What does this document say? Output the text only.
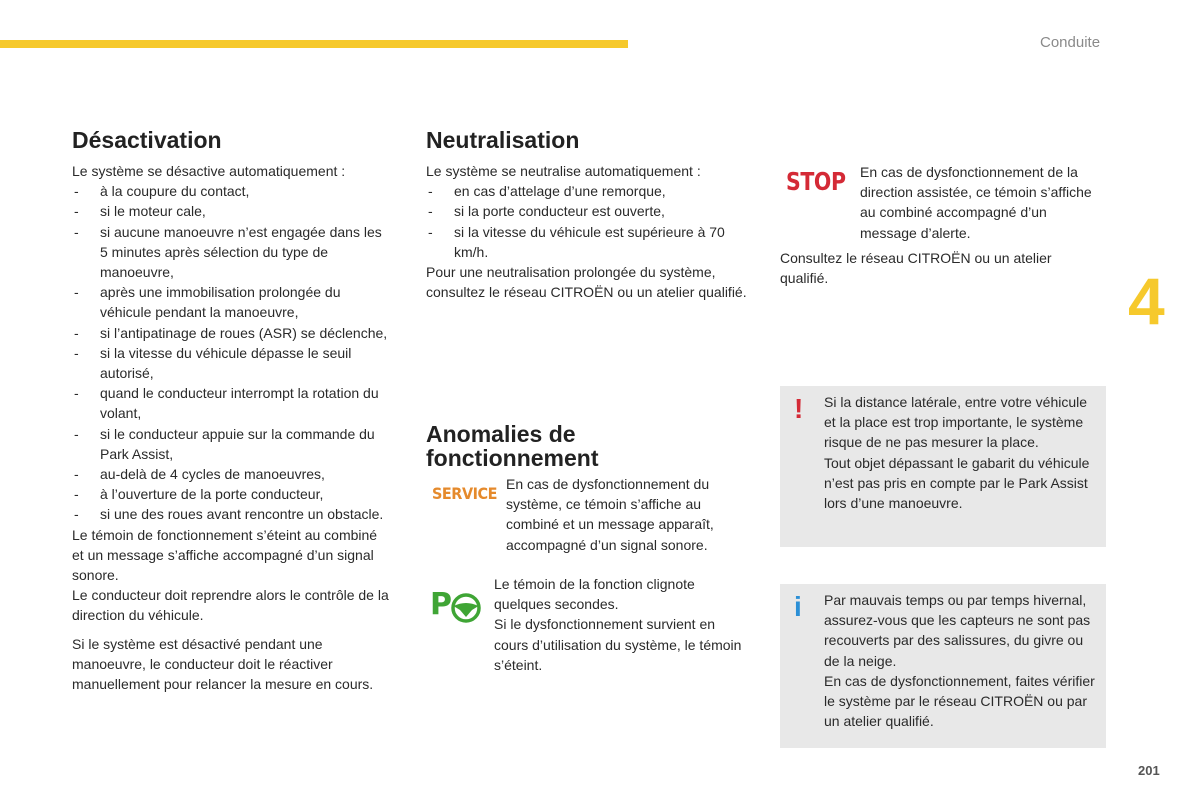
Conduite
4
201
Désactivation

Le système se désactive automatiquement :

- à la coupure du contact,
- si le moteur cale,
- si aucune manoeuvre n’est engagée dans les 5 minutes après sélection du type de manoeuvre,
- après une immobilisation prolongée du véhicule pendant la manoeuvre,
- si l’antipatinage de roues (ASR) se déclenche,
- si la vitesse du véhicule dépasse le seuil autorisé,
- quand le conducteur interrompt la rotation du volant,
- si le conducteur appuie sur la commande du Park Assist,
- au-delà de 4 cycles de manoeuvres,
- à l’ouverture de la porte conducteur,
- si une des roues avant rencontre un obstacle.

Le témoin de fonctionnement s’éteint au combiné et un message s’affiche accompagné d’un signal sonore.

Le conducteur doit reprendre alors le contrôle de la direction du véhicule.

Si le système est désactivé pendant une manoeuvre, le conducteur doit le réactiver manuellement pour relancer la mesure en cours.

Neutralisation

Le système se neutralise automatiquement :

- en cas d’attelage d’une remorque,
- si la porte conducteur est ouverte,
- si la vitesse du véhicule est supérieure à 70 km/h.

Pour une neutralisation prolongée du système, consultez le réseau CITROËN ou un atelier qualifié.

Anomalies de
fonctionnement
SERVICE En cas de dysfonctionnement du système, ce témoin s’affiche au combiné et un message apparaît, accompagné d’un signal sonore.
P

Le témoin de la fonction clignote quelques secondes.

Si le dysfonctionnement survient en cours d’utilisation du système, le témoin s’éteint.

STOP En cas de dysfonctionnement de la direction assistée, ce témoin s’affiche au combiné accompagné d’un message d’alerte.
Consultez le réseau CITROËN ou un atelier qualifié.
! Si la distance latérale, entre votre véhicule et la place est trop importante, le système risque de ne pas mesurer la place.

Tout objet dépassant le gabarit du véhicule n’est pas pris en compte par le Park Assist lors d’une manoeuvre.

i Par mauvais temps ou par temps hivernal, assurez-vous que les capteurs ne sont pas recouverts par des salissures, du givre ou de la neige.

En cas de dysfonctionnement, faites vérifier le système par le réseau CITROËN ou par un atelier qualifié.
